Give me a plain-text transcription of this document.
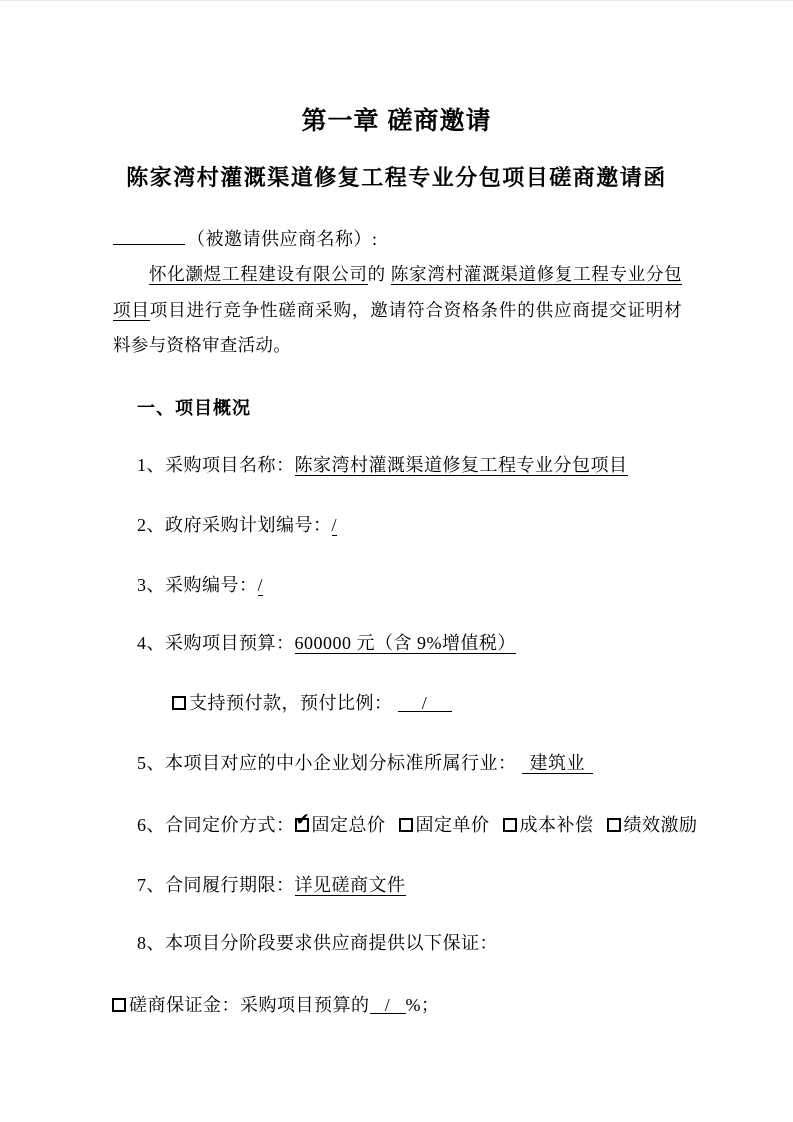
第一章 磋商邀请
陈家湾村灌溉渠道修复工程专业分包项目磋商邀请函
（被邀请供应商名称）:
怀化灏煜工程建设有限公司的 陈家湾村灌溉渠道修复工程专业分包项目项目进行竞争性磋商采购，邀请符合资格条件的供应商提交证明材料参与资格审查活动。
一、项目概况
1、采购项目名称：陈家湾村灌溉渠道修复工程专业分包项目
2、政府采购计划编号：/
3、采购编号：/
4、采购项目预算：600000 元（含 9%增值税）
支持预付款，预付比例： /
5、本项目对应的中小企业划分标准所属行业： 建筑业
6、合同定价方式： ✔ 固定总价 固定单价 成本补偿 绩效激励
7、合同履行期限：详见磋商文件
8、本项目分阶段要求供应商提供以下保证：
磋商保证金：采购项目预算的 / %；
